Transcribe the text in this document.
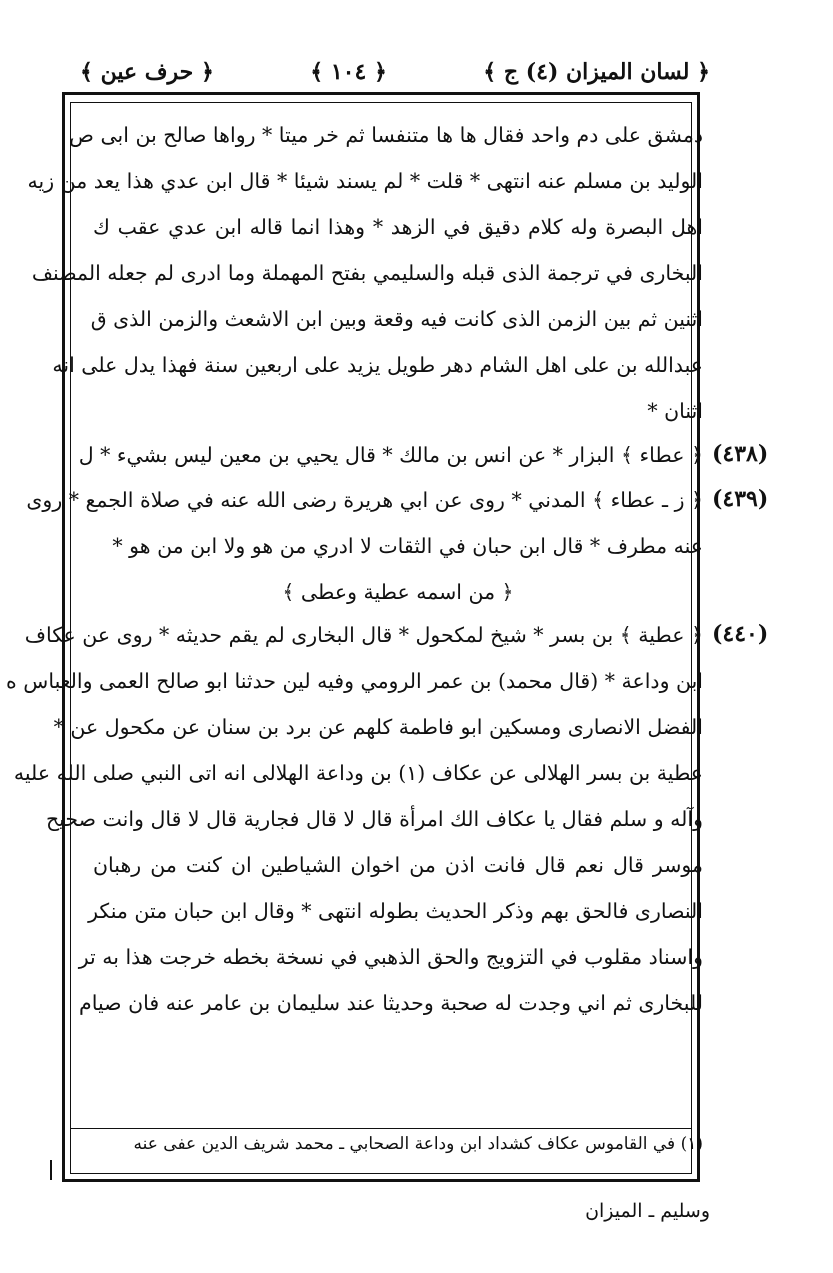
﴿ لسان الميزان (٤) ج ﴾
﴿ ١٠٤ ﴾
﴿ حرف عين ﴾
دمشق على دم واحد فقال ها ها متنفسا ثم خر ميتا * رواها صالح بن ابى ص
الوليد بن مسلم عنه انتهى * قلت * لم يسند شيئا * قال ابن عدي هذا يعد من زيه
اهل البصرة وله كلام دقيق في الزهد * وهذا انما قاله ابن عدي عقب ك
البخارى في ترجمة الذى قبله والسليمي بفتح المهملة وما ادرى لم جعله المصنف
اثنين ثم بين الزمن الذى كانت فيه وقعة وبين ابن الاشعث والزمن الذى ق
عبدالله بن على اهل الشام دهر طويل يزيد على اربعين سنة فهذا يدل على انه
اثنان *
(٤٣٨)
﴿ عطاء ﴾ البزار * عن انس بن مالك * قال يحيي بن معين ليس بشيء * ل
(٤٣٩)
﴿ ز ـ عطاء ﴾ المدني * روى عن ابي هريرة رضى الله عنه في صلاة الجمع * روى
عنه مطرف * قال ابن حبان في الثقات لا ادري من هو ولا ابن من هو *
﴿ من اسمه عطية وعطى ﴾
(٤٤٠)
﴿ عطية ﴾ بن بسر * شيخ لمكحول * قال البخارى لم يقم حديثه * روى عن عكاف
ابن وداعة * (قال محمد) بن عمر الرومي وفيه لين حدثنا ابو صالح العمى والعباس ه
الفضل الانصارى ومسكين ابو فاطمة كلهم عن برد بن سنان عن مكحول عن *
عطية بن بسر الهلالى عن عكاف (١) بن وداعة الهلالى انه اتى النبي صلى الله عليه
وآله و سلم فقال يا عكاف الك امرأة قال لا قال فجارية قال لا قال وانت صحيح
موسر قال نعم قال فانت اذن من اخوان الشياطين ان كنت من رهبان
النصارى فالحق بهم وذكر الحديث بطوله انتهى * وقال ابن حبان متن منكر
واسناد مقلوب في التزويج والحق الذهبي في نسخة بخطه خرجت هذا به تر
للبخارى ثم اني وجدت له صحبة وحديثا عند سليمان بن عامر عنه فان صيام
(١) في القاموس عكاف كشداد ابن وداعة الصحابي ـ محمد شريف الدين عفى عنه
وسليم ـ الميزان
